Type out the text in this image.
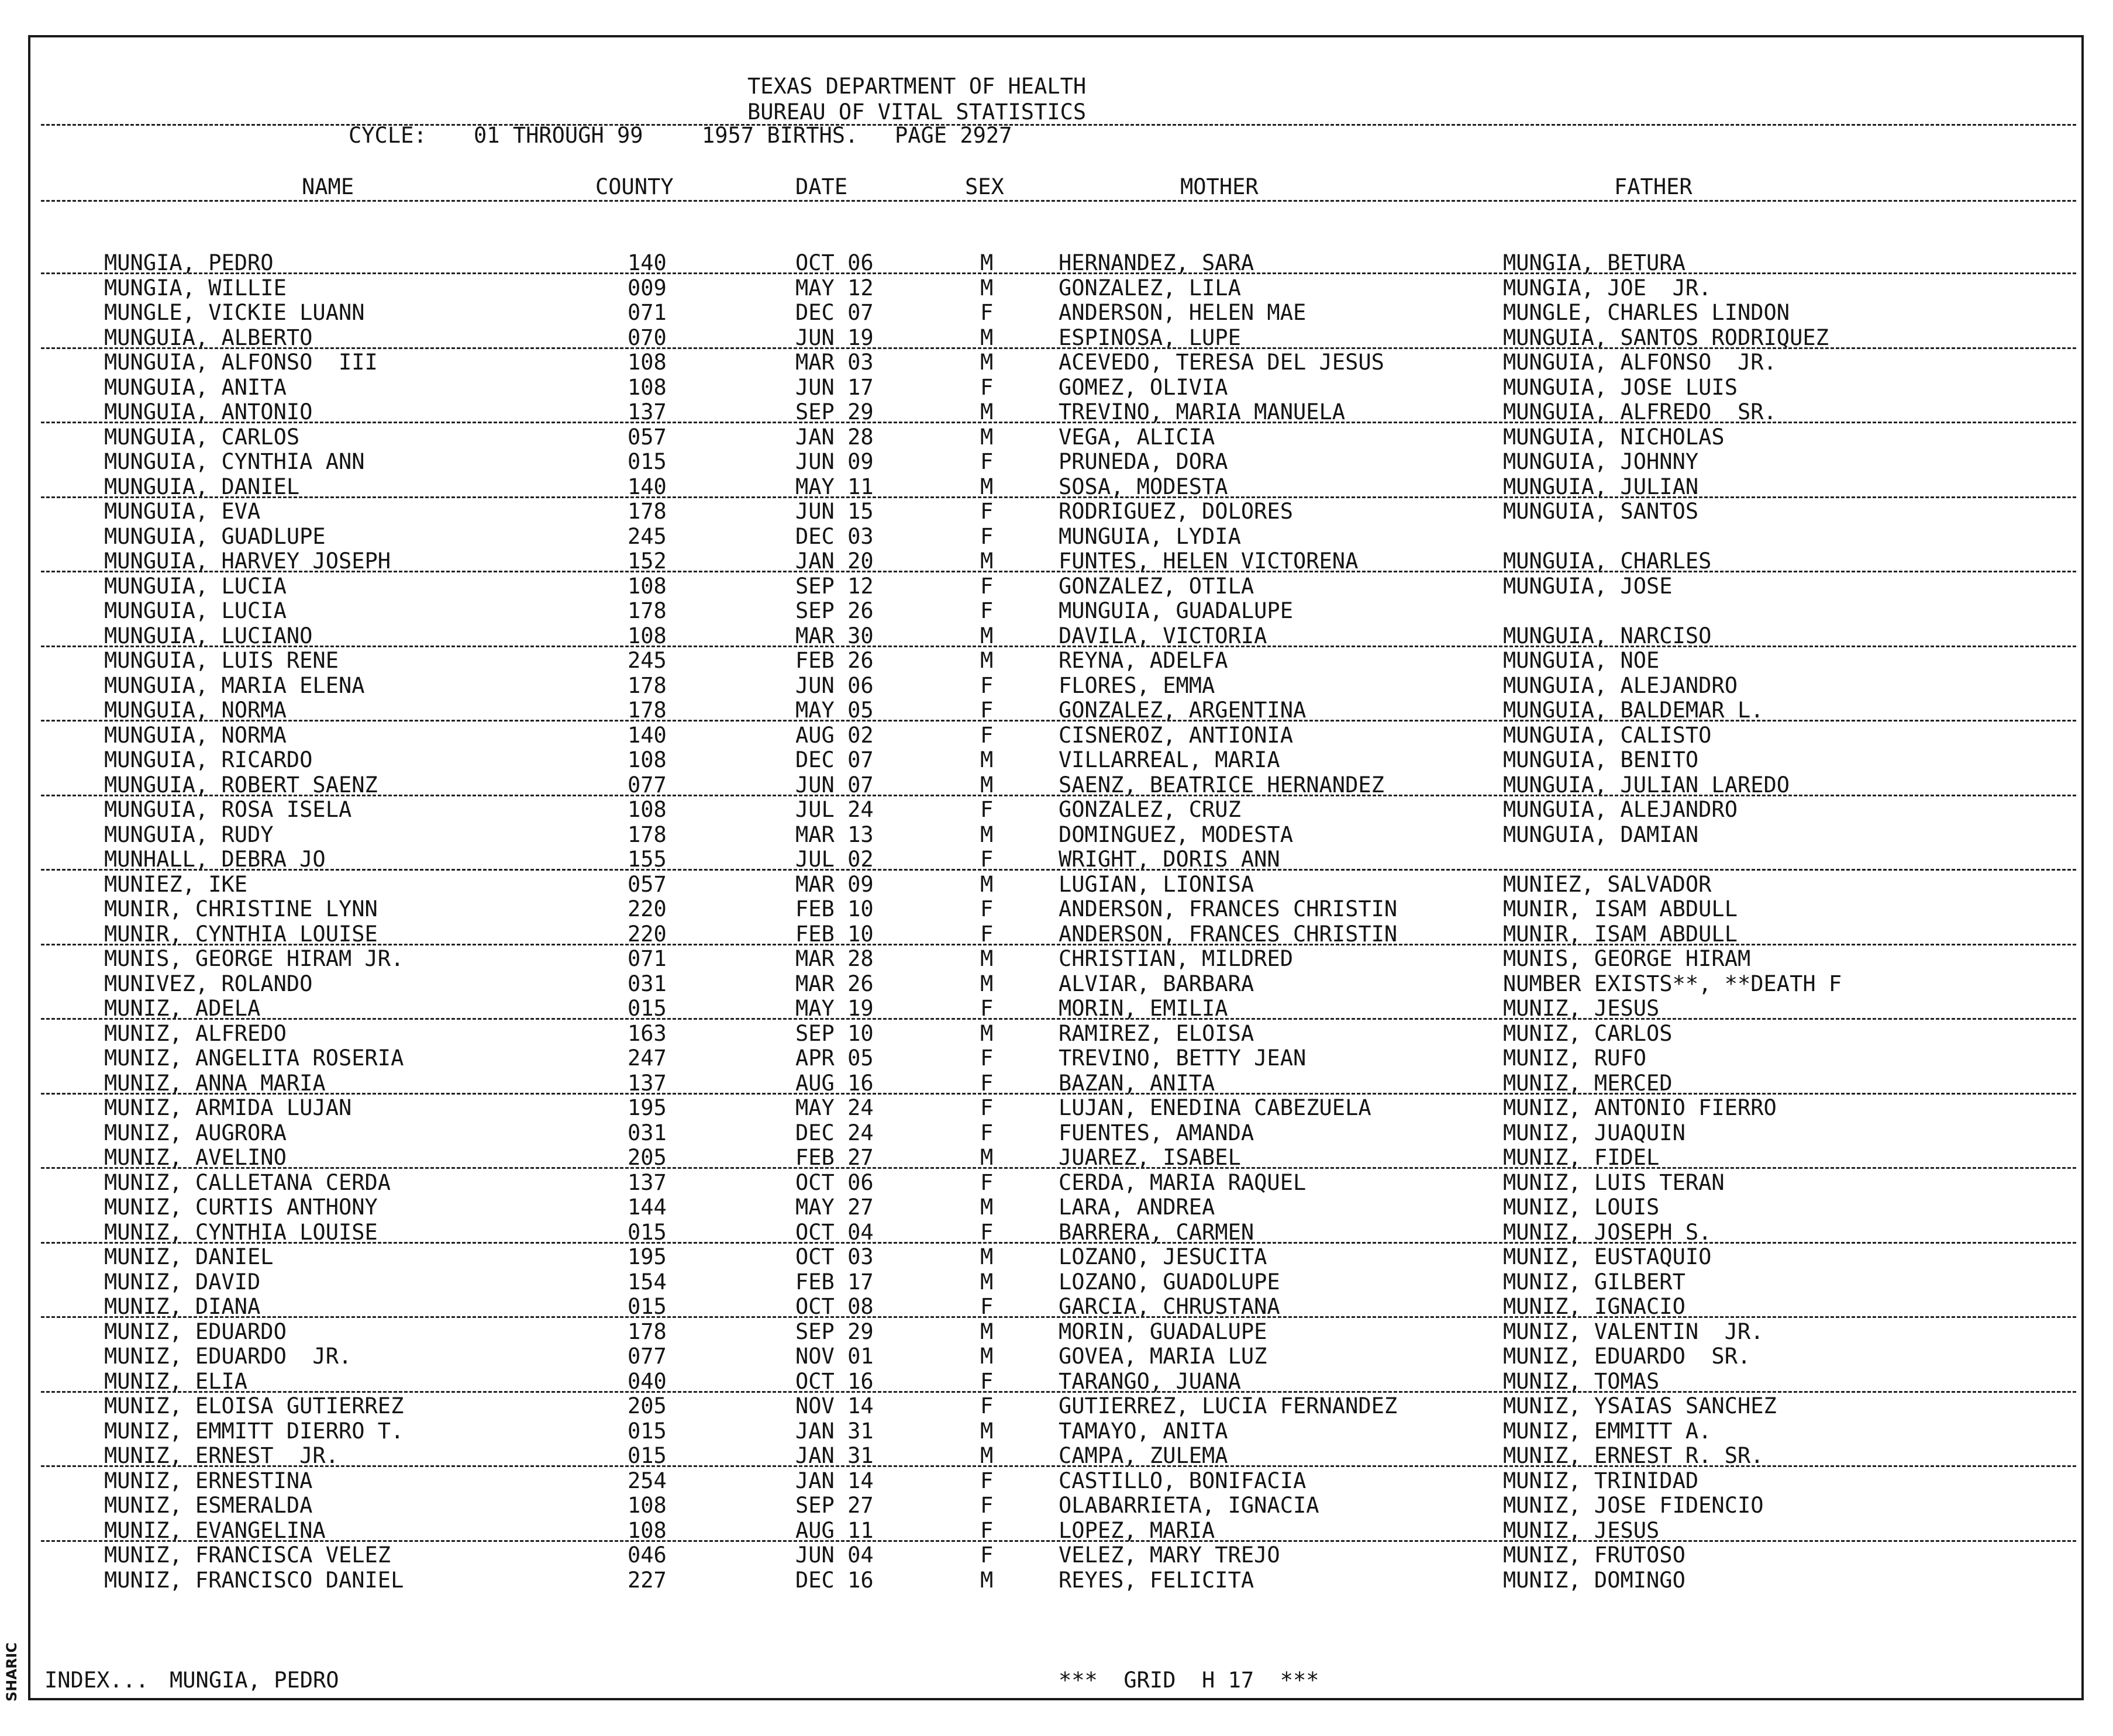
TEXAS DEPARTMENT OF HEALTH
BUREAU OF VITAL STATISTICS
CYCLE: 01 THROUGH 99	1957 BIRTHS. PAGE 2927
NAME	COUNTY	DATE	SEX	MOTHER	FATHER
MUNGIA, PEDRO	140	OCT 06	M	HERNANDEZ, SARA	MUNGIA, BETURA
MUNGIA, WILLIE	009	MAY 12	M	GONZALEZ, LILA	MUNGIA, JOE  JR.
MUNGLE, VICKIE LUANN	071	DEC 07	F	ANDERSON, HELEN MAE	MUNGLE, CHARLES LINDON
MUNGUIA, ALBERTO	070	JUN 19	M	ESPINOSA, LUPE	MUNGUIA, SANTOS RODRIQUEZ
MUNGUIA, ALFONSO  III	108	MAR 03	M	ACEVEDO, TERESA DEL JESUS	MUNGUIA, ALFONSO  JR.
MUNGUIA, ANITA	108	JUN 17	F	GOMEZ, OLIVIA	MUNGUIA, JOSE LUIS
MUNGUIA, ANTONIO	137	SEP 29	M	TREVINO, MARIA MANUELA	MUNGUIA, ALFREDO  SR.
MUNGUIA, CARLOS	057	JAN 28	M	VEGA, ALICIA	MUNGUIA, NICHOLAS
MUNGUIA, CYNTHIA ANN	015	JUN 09	F	PRUNEDA, DORA	MUNGUIA, JOHNNY
MUNGUIA, DANIEL	140	MAY 11	M	SOSA, MODESTA	MUNGUIA, JULIAN
MUNGUIA, EVA	178	JUN 15	F	RODRIGUEZ, DOLORES	MUNGUIA, SANTOS
MUNGUIA, GUADLUPE	245	DEC 03	F	MUNGUIA, LYDIA
MUNGUIA, HARVEY JOSEPH	152	JAN 20	M	FUNTES, HELEN VICTORENA	MUNGUIA, CHARLES
MUNGUIA, LUCIA	108	SEP 12	F	GONZALEZ, OTILA	MUNGUIA, JOSE
MUNGUIA, LUCIA	178	SEP 26	F	MUNGUIA, GUADALUPE
MUNGUIA, LUCIANO	108	MAR 30	M	DAVILA, VICTORIA	MUNGUIA, NARCISO
MUNGUIA, LUIS RENE	245	FEB 26	M	REYNA, ADELFA	MUNGUIA, NOE
MUNGUIA, MARIA ELENA	178	JUN 06	F	FLORES, EMMA	MUNGUIA, ALEJANDRO
MUNGUIA, NORMA	178	MAY 05	F	GONZALEZ, ARGENTINA	MUNGUIA, BALDEMAR L.
MUNGUIA, NORMA	140	AUG 02	F	CISNEROZ, ANTIONIA	MUNGUIA, CALISTO
MUNGUIA, RICARDO	108	DEC 07	M	VILLARREAL, MARIA	MUNGUIA, BENITO
MUNGUIA, ROBERT SAENZ	077	JUN 07	M	SAENZ, BEATRICE HERNANDEZ	MUNGUIA, JULIAN LAREDO
MUNGUIA, ROSA ISELA	108	JUL 24	F	GONZALEZ, CRUZ	MUNGUIA, ALEJANDRO
MUNGUIA, RUDY	178	MAR 13	M	DOMINGUEZ, MODESTA	MUNGUIA, DAMIAN
MUNHALL, DEBRA JO	155	JUL 02	F	WRIGHT, DORIS ANN
MUNIEZ, IKE	057	MAR 09	M	LUGIAN, LIONISA	MUNIEZ, SALVADOR
MUNIR, CHRISTINE LYNN	220	FEB 10	F	ANDERSON, FRANCES CHRISTIN	MUNIR, ISAM ABDULL
MUNIR, CYNTHIA LOUISE	220	FEB 10	F	ANDERSON, FRANCES CHRISTIN	MUNIR, ISAM ABDULL
MUNIS, GEORGE HIRAM JR.	071	MAR 28	M	CHRISTIAN, MILDRED	MUNIS, GEORGE HIRAM
MUNIVEZ, ROLANDO	031	MAR 26	M	ALVIAR, BARBARA	NUMBER EXISTS**, **DEATH F
MUNIZ, ADELA	015	MAY 19	F	MORIN, EMILIA	MUNIZ, JESUS
MUNIZ, ALFREDO	163	SEP 10	M	RAMIREZ, ELOISA	MUNIZ, CARLOS
MUNIZ, ANGELITA ROSERIA	247	APR 05	F	TREVINO, BETTY JEAN	MUNIZ, RUFO
MUNIZ, ANNA MARIA	137	AUG 16	F	BAZAN, ANITA	MUNIZ, MERCED
MUNIZ, ARMIDA LUJAN	195	MAY 24	F	LUJAN, ENEDINA CABEZUELA	MUNIZ, ANTONIO FIERRO
MUNIZ, AUGRORA	031	DEC 24	F	FUENTES, AMANDA	MUNIZ, JUAQUIN
MUNIZ, AVELINO	205	FEB 27	M	JUAREZ, ISABEL	MUNIZ, FIDEL
MUNIZ, CALLETANA CERDA	137	OCT 06	F	CERDA, MARIA RAQUEL	MUNIZ, LUIS TERAN
MUNIZ, CURTIS ANTHONY	144	MAY 27	M	LARA, ANDREA	MUNIZ, LOUIS
MUNIZ, CYNTHIA LOUISE	015	OCT 04	F	BARRERA, CARMEN	MUNIZ, JOSEPH S.
MUNIZ, DANIEL	195	OCT 03	M	LOZANO, JESUCITA	MUNIZ, EUSTAQUIO
MUNIZ, DAVID	154	FEB 17	M	LOZANO, GUADOLUPE	MUNIZ, GILBERT
MUNIZ, DIANA	015	OCT 08	F	GARCIA, CHRUSTANA	MUNIZ, IGNACIO
MUNIZ, EDUARDO	178	SEP 29	M	MORIN, GUADALUPE	MUNIZ, VALENTIN  JR.
MUNIZ, EDUARDO  JR.	077	NOV 01	M	GOVEA, MARIA LUZ	MUNIZ, EDUARDO  SR.
MUNIZ, ELIA	040	OCT 16	F	TARANGO, JUANA	MUNIZ, TOMAS
MUNIZ, ELOISA GUTIERREZ	205	NOV 14	F	GUTIERREZ, LUCIA FERNANDEZ	MUNIZ, YSAIAS SANCHEZ
MUNIZ, EMMITT DIERRO T.	015	JAN 31	M	TAMAYO, ANITA	MUNIZ, EMMITT A.
MUNIZ, ERNEST  JR.	015	JAN 31	M	CAMPA, ZULEMA	MUNIZ, ERNEST R. SR.
MUNIZ, ERNESTINA	254	JAN 14	F	CASTILLO, BONIFACIA	MUNIZ, TRINIDAD
MUNIZ, ESMERALDA	108	SEP 27	F	OLABARRIETA, IGNACIA	MUNIZ, JOSE FIDENCIO
MUNIZ, EVANGELINA	108	AUG 11	F	LOPEZ, MARIA	MUNIZ, JESUS
MUNIZ, FRANCISCA VELEZ	046	JUN 04	F	VELEZ, MARY TREJO	MUNIZ, FRUTOSO
MUNIZ, FRANCISCO DANIEL	227	DEC 16	M	REYES, FELICITA	MUNIZ, DOMINGO
INDEX... MUNGIA, PEDRO	***  GRID  H 17  ***
SHARIC
